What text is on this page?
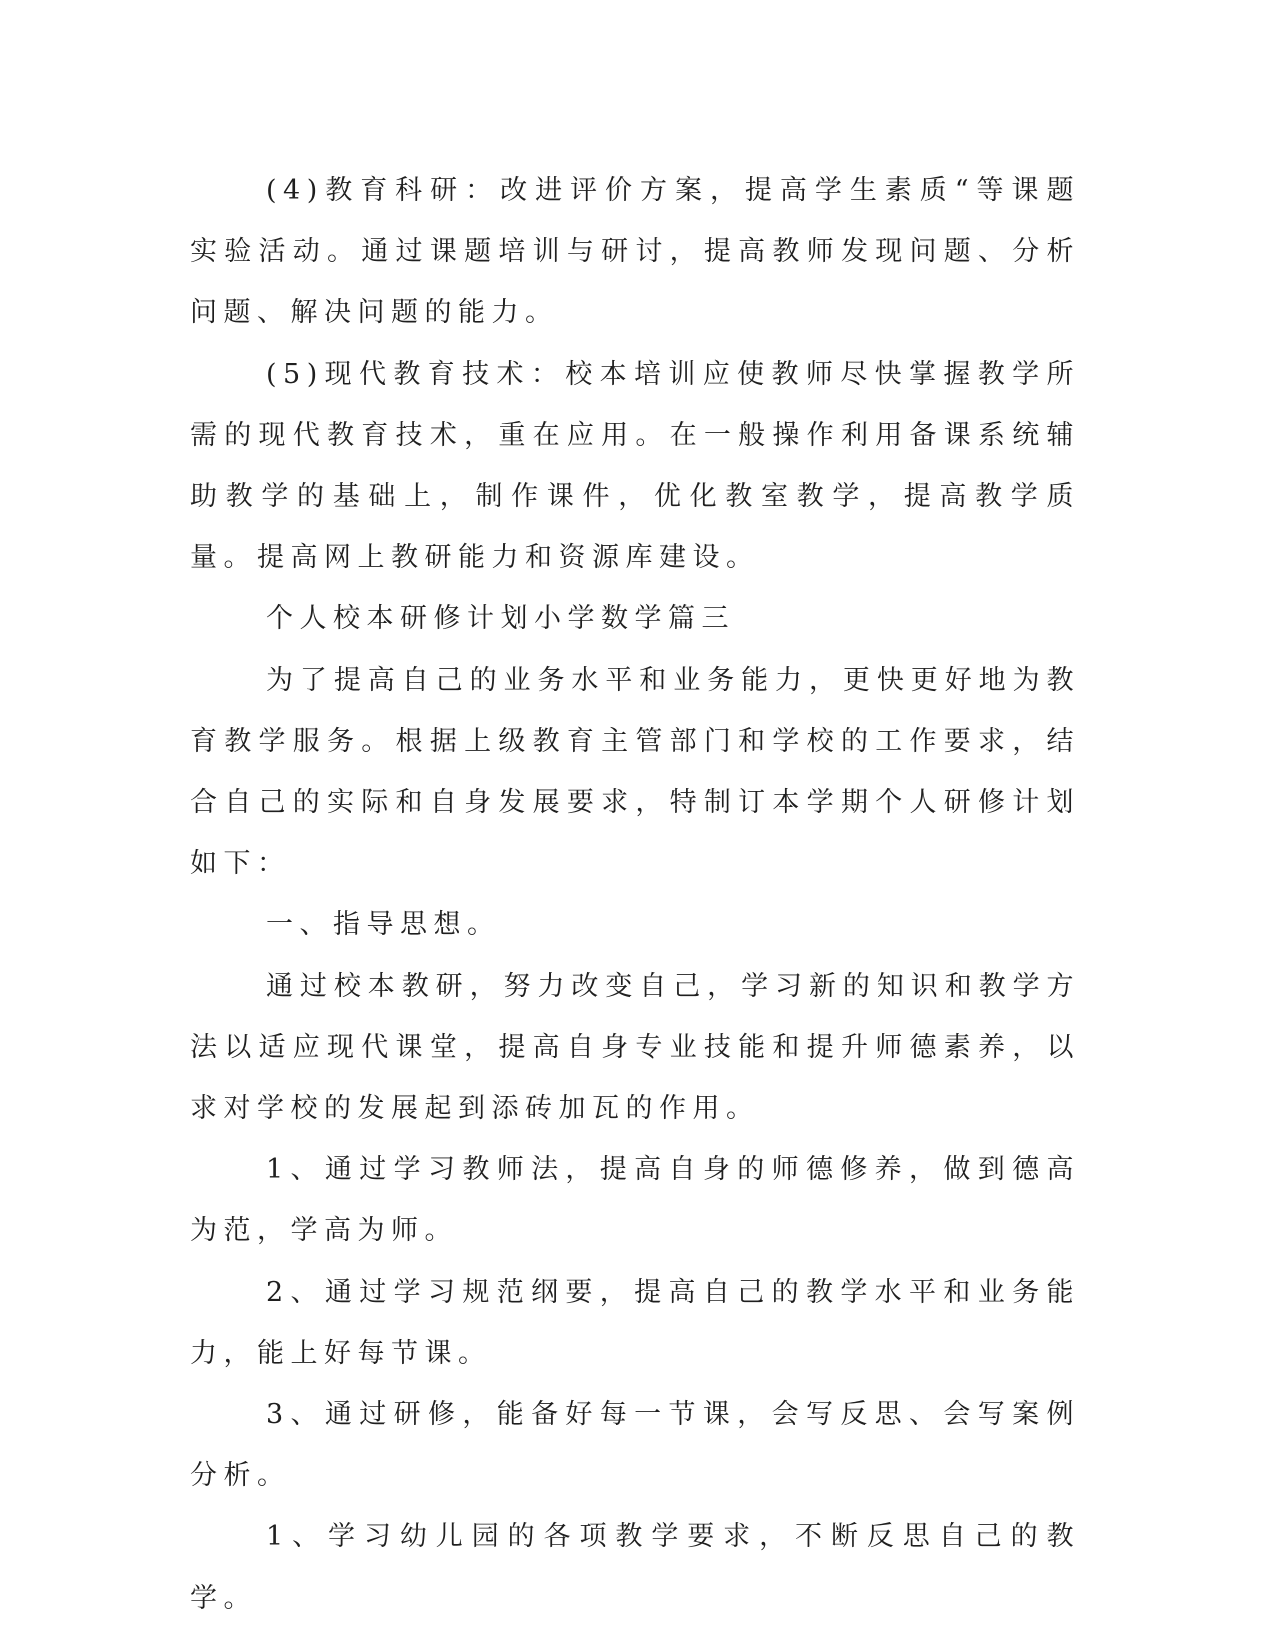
(4)教育科研：改进评价方案，提高学生素质“等课题实验活动。通过课题培训与研讨，提高教师发现问题、分析问题、解决问题的能力。

(5)现代教育技术：校本培训应使教师尽快掌握教学所需的现代教育技术，重在应用。在一般操作利用备课系统辅助教学的基础上，制作课件，优化教室教学，提高教学质量。提高网上教研能力和资源库建设。

个人校本研修计划小学数学篇三

为了提高自己的业务水平和业务能力，更快更好地为教育教学服务。根据上级教育主管部门和学校的工作要求，结合自己的实际和自身发展要求，特制订本学期个人研修计划如下：

一、指导思想。

通过校本教研，努力改变自己，学习新的知识和教学方法以适应现代课堂，提高自身专业技能和提升师德素养，以求对学校的发展起到添砖加瓦的作用。

1、通过学习教师法，提高自身的师德修养，做到德高为范，学高为师。

2、通过学习规范纲要，提高自己的教学水平和业务能力，能上好每节课。

3、通过研修，能备好每一节课，会写反思、会写案例分析。

1、学习幼儿园的各项教学要求，不断反思自己的教学。
